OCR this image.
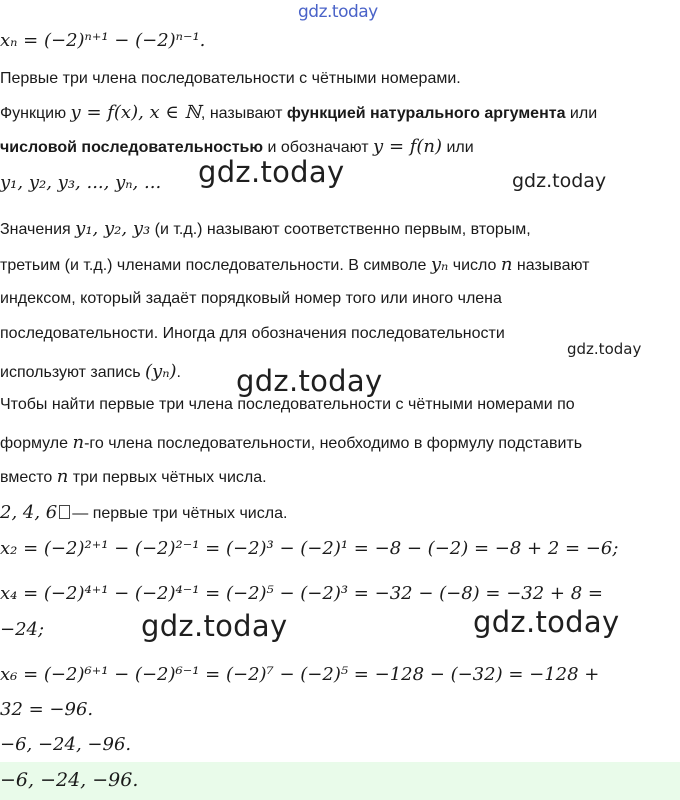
gdz.today
gdz.today	gdz.today
gdz.today
gdz.today
gdz.today	gdz.today
xₙ = (−2)ⁿ⁺¹ − (−2)ⁿ⁻¹.
Первые три члена последовательности с чётными номерами.
Функцию y = f(x), x ∈ ℕ, называют функцией натурального аргумента или
числовой последовательностью и обозначают y = f(n) или
y₁, y₂, y₃, ..., yₙ, ...
Значения y₁, y₂, y₃ (и т.д.) называют соответственно первым, вторым,
третьим (и т.д.) членами последовательности. В символе yₙ число n называют
индексом, который задаёт порядковый номер того или иного члена
последовательности. Иногда для обозначения последовательности
используют запись (yₙ).
Чтобы найти первые три члена последовательности с чётными номерами по
формуле n-го члена последовательности, необходимо в формулу подставить
вместо n три первых чётных числа.
2, 4, 6 — первые три чётных числа.
x₂ = (−2)²⁺¹ − (−2)²⁻¹ = (−2)³ − (−2)¹ = −8 − (−2) = −8 + 2 = −6;
x₄ = (−2)⁴⁺¹ − (−2)⁴⁻¹ = (−2)⁵ − (−2)³ = −32 − (−8) = −32 + 8 =
−24;
x₆ = (−2)⁶⁺¹ − (−2)⁶⁻¹ = (−2)⁷ − (−2)⁵ = −128 − (−32) = −128 +
32 = −96.
−6, −24, −96.
−6, −24, −96.
